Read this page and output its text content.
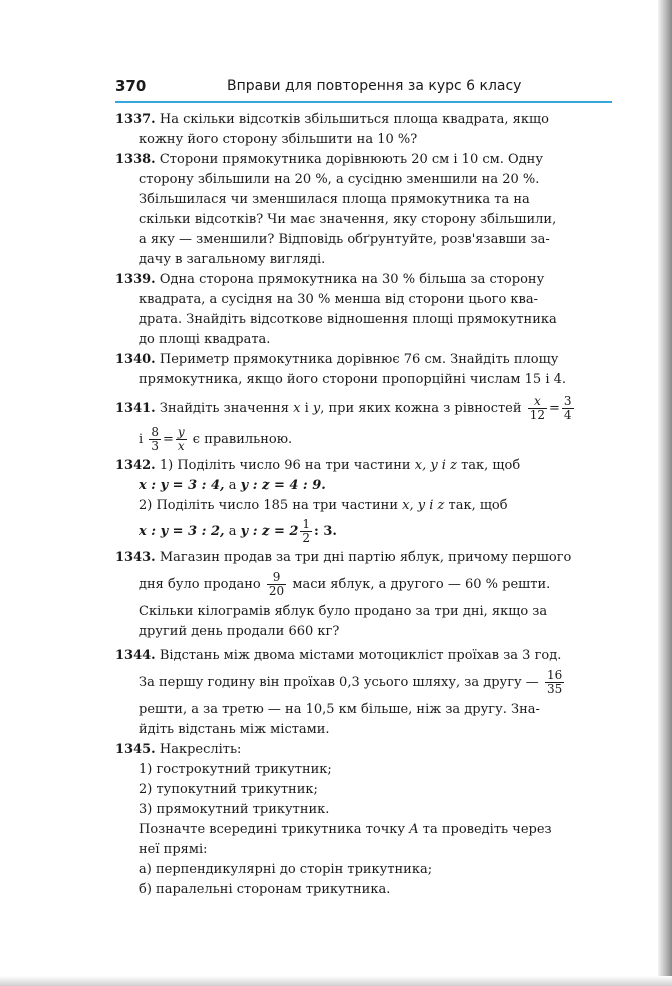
370	Вправи для повторення за курс 6 класу
1337. На скільки відсотків збільшиться площа квадрата, якщо
кожну його сторону збільшити на 10 %?
1338. Сторони прямокутника дорівнюють 20 см і 10 см. Одну
сторону збільшили на 20 %, а сусідню зменшили на 20 %.
Збільшилася чи зменшилася площа прямокутника та на
скільки відсотків? Чи має значення, яку сторону збільшили,
а яку — зменшили? Відповідь обґрунтуйте, розв'язавши за-
дачу в загальному вигляді.
1339. Одна сторона прямокутника на 30 % більша за сторону
квадрата, а сусідня на 30 % менша від сторони цього ква-
драта. Знайдіть відсоткове відношення площі прямокутника
до площі квадрата.
1340. Периметр прямокутника дорівнює 76 см. Знайдіть площу
прямокутника, якщо його сторони пропорційні числам 15 і 4.
1341. Знайдіть значення x і y, при яких кожна з рівностей $\frac{x}{12} = \frac{3}{4}$
і $\frac{8}{3} = \frac{y}{x}$ є правильною.
1342. 1) Поділіть число 96 на три частини x, y і z так, щоб
x : y = 3 : 4, а y : z = 4 : 9.
2) Поділіть число 185 на три частини x, y і z так, щоб
x : y = 3 : 2, а y : $z = 2 \frac{1}{2}$ : 3.
1343. Магазин продав за три дні партію яблук, причому першого
дня було продано $\frac{9}{20}$ маси яблук, а другого — 60 % решти.
Скільки кілограмів яблук було продано за три дні, якщо за
другий день продали 660 кг?
1344. Відстань між двома містами мотоцикліст проїхав за 3 год.
За першу годину він проїхав 0,3 усього шляху, за другу — $\frac{16}{35}$
решти, а за третю — на 10,5 км більше, ніж за другу. Зна-
йдіть відстань між містами.
1345. Накресліть:
1) гострокутний трикутник;
2) тупокутний трикутник;
3) прямокутний трикутник.
Позначте всередині трикутника точку A та проведіть через
неї прямі:
а) перпендикулярні до сторін трикутника;
б) паралельні сторонам трикутника.
